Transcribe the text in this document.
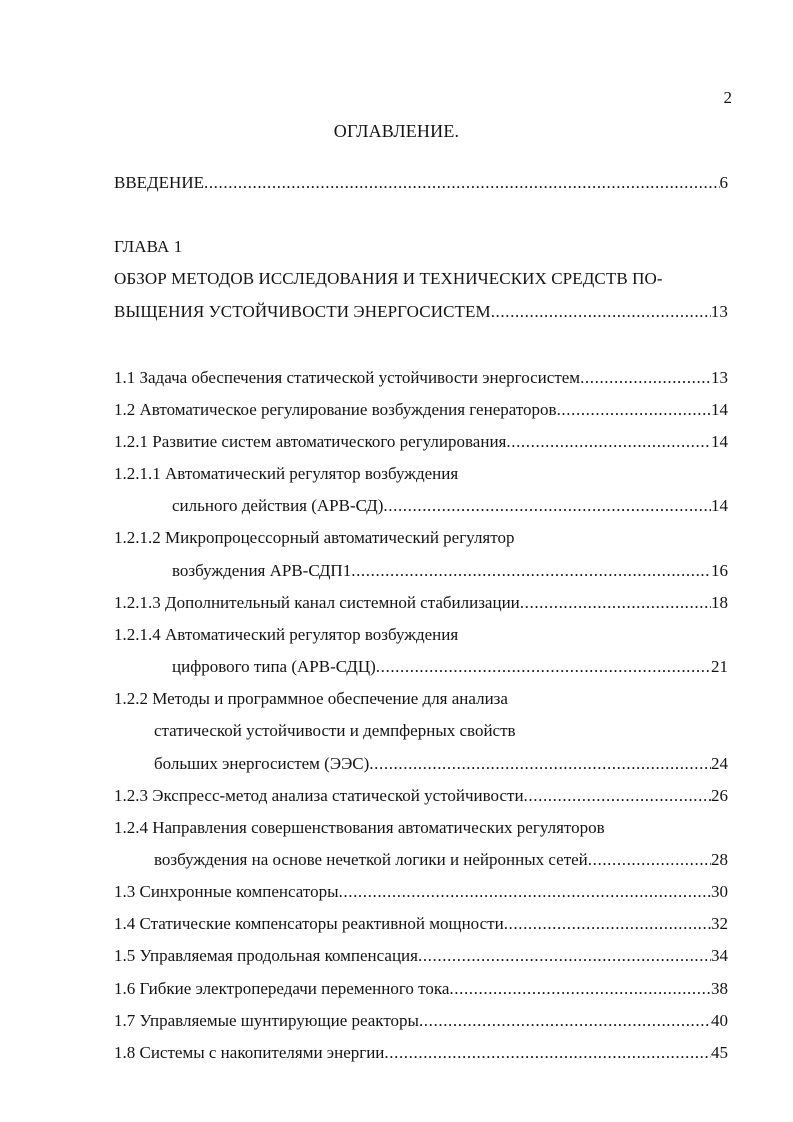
2
ОГЛАВЛЕНИЕ.
ВВЕДЕНИЕ .....	6
ГЛАВА 1
ОБЗОР МЕТОДОВ ИССЛЕДОВАНИЯ И ТЕХНИЧЕСКИХ СРЕДСТВ ПО-
ВЫЩЕНИЯ УСТОЙЧИВОСТИ ЭНЕРГОСИСТЕМ .....	13
1.1 Задача обеспечения статической устойчивости энергосистем .....	13
1.2 Автоматическое регулирование возбуждения генераторов .....	14
1.2.1 Развитие систем автоматического регулирования .....	14
1.2.1.1 Автоматический регулятор возбуждения
сильного действия (АРВ-СД) .....	14
1.2.1.2 Микропроцессорный автоматический регулятор
возбуждения АРВ-СДП1 .....	16
1.2.1.3 Дополнительный канал системной стабилизации .....	18
1.2.1.4 Автоматический регулятор возбуждения
цифрового типа (АРВ-СДЦ) .....	21
1.2.2 Методы и программное обеспечение для анализа
статической устойчивости и демпферных свойств
больших энергосистем (ЭЭС) .....	24
1.2.3 Экспресс-метод анализа статической устойчивости .....	26
1.2.4 Направления совершенствования автоматических регуляторов
возбуждения на основе нечеткой логики и нейронных сетей .....	28
1.3 Синхронные компенсаторы .....	30
1.4 Статические компенсаторы реактивной мощности .....	32
1.5 Управляемая продольная компенсация .....	34
1.6 Гибкие электропередачи переменного тока .....	38
1.7 Управляемые шунтирующие реакторы .....	40
1.8 Системы с накопителями энергии .....	45
